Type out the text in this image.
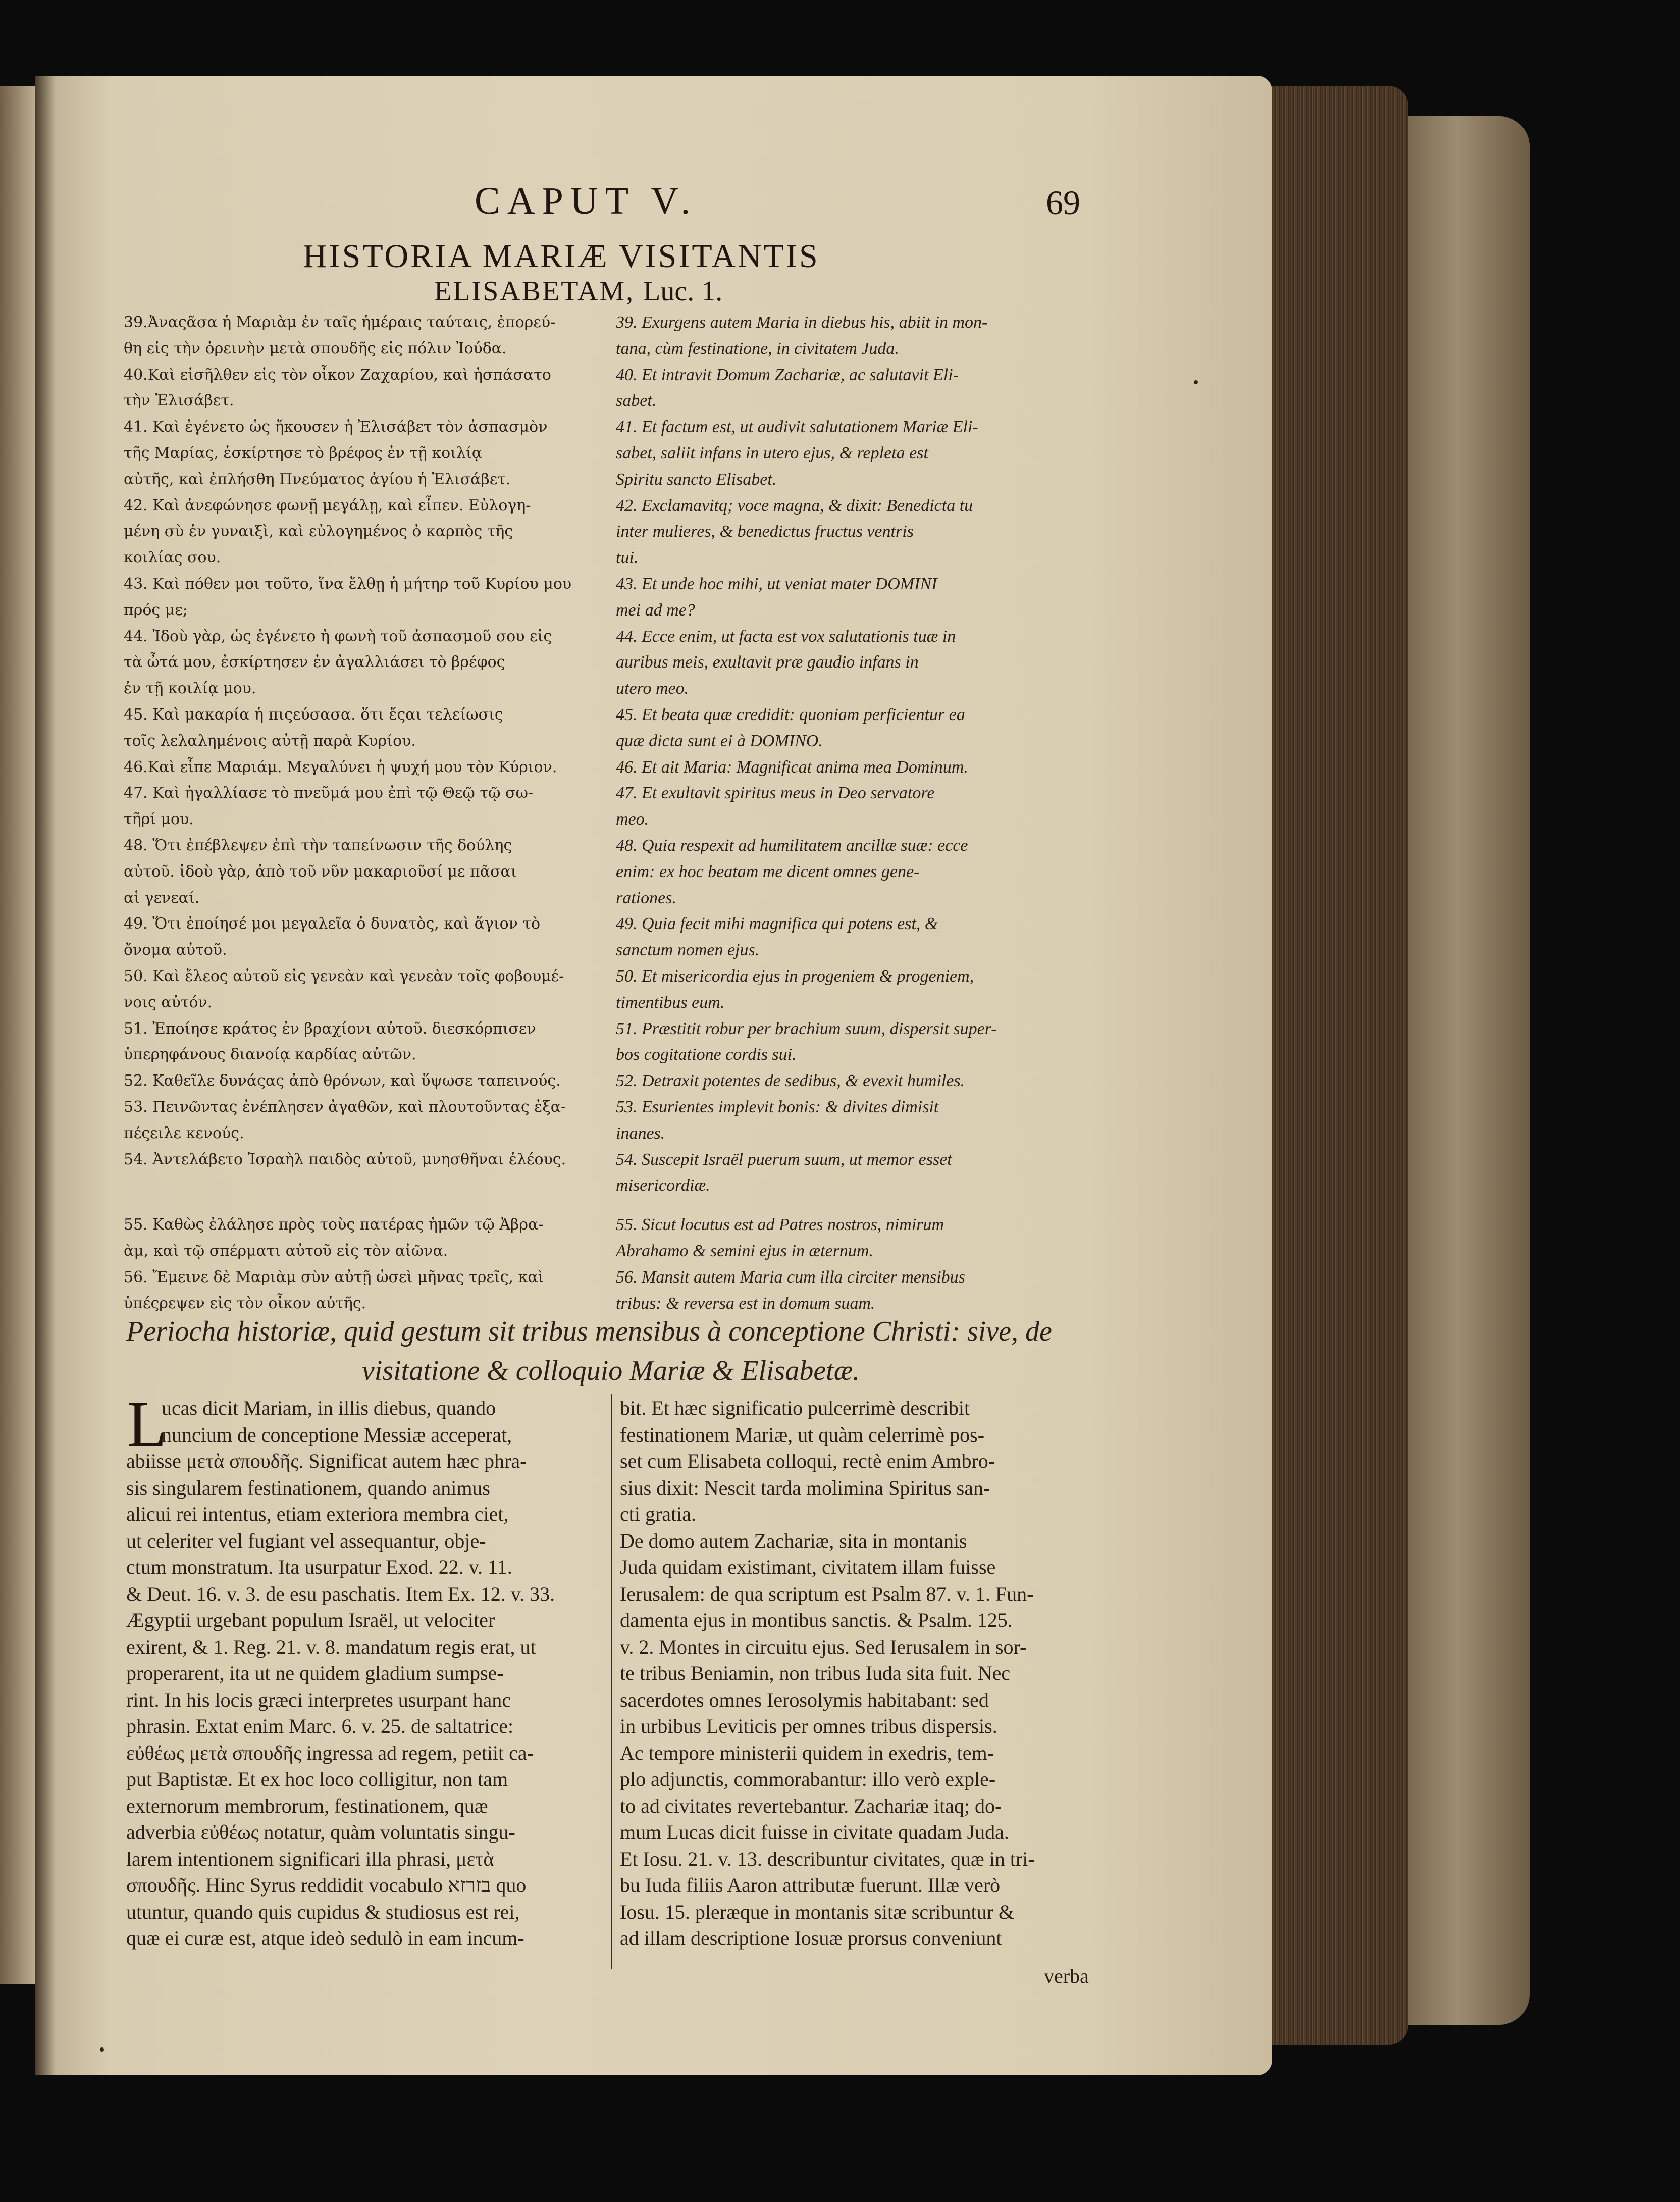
CAPUT V.	69
HISTORIA MARIÆ VISITANTIS
ELISABETAM, Luc. 1.
39.Ἀναςᾶσα ἡ Μαριὰμ ἐν ταῖς ἡμέραις ταύταις, ἐπορεύ-	39. Exurgens autem Maria in diebus his, abiit in mon-
θη εἰς τὴν ὀρεινὴν μετὰ σπουδῆς εἰς πόλιν Ἰούδα.	tana, cùm festinatione, in civitatem Juda.
40.Καὶ εἰσῆλθεν εἰς τὸν οἶκον Ζαχαρίου, καὶ ἠσπάσατο	40. Et intravit Domum Zachariæ, ac salutavit Eli-
τὴν Ἐλισάβετ.	sabet.
41. Καὶ ἐγένετο ὡς ἤκουσεν ἡ Ἐλισάβετ τὸν ἀσπασμὸν	41. Et factum est, ut audivit salutationem Mariæ Eli-
τῆς Μαρίας, ἐσκίρτησε τὸ βρέφος ἐν τῇ κοιλίᾳ	sabet, saliit infans in utero ejus, & repleta est
αὐτῆς, καὶ ἐπλήσθη Πνεύματος ἁγίου ἡ Ἐλισάβετ.	Spiritu sancto Elisabet.
42. Καὶ ἀνεφώνησε φωνῇ μεγάλῃ, καὶ εἶπεν. Εὐλογη-	42. Exclamavitq; voce magna, & dixit: Benedicta tu
μένη σὺ ἐν γυναιξὶ, καὶ εὐλογημένος ὁ καρπὸς τῆς	inter mulieres, & benedictus fructus ventris
κοιλίας σου.	tui.
43. Καὶ πόθεν μοι τοῦτο, ἵνα ἔλθῃ ἡ μήτηρ τοῦ Κυρίου μου	43. Et unde hoc mihi, ut veniat mater DOMINI
πρός με;	mei ad me?
44. Ἰδοὺ γὰρ, ὡς ἐγένετο ἡ φωνὴ τοῦ ἀσπασμοῦ σου εἰς	44. Ecce enim, ut facta est vox salutationis tuæ in
τὰ ὦτά μου, ἐσκίρτησεν ἐν ἀγαλλιάσει τὸ βρέφος	auribus meis, exultavit præ gaudio infans in
ἐν τῇ κοιλίᾳ μου.	utero meo.
45. Καὶ μακαρία ἡ πιςεύσασα. ὅτι ἔςαι τελείωσις	45. Et beata quæ credidit: quoniam perficientur ea
τοῖς λελαλημένοις αὐτῇ παρὰ Κυρίου.	quæ dicta sunt ei à DOMINO.
46.Καὶ εἶπε Μαριάμ. Μεγαλύνει ἡ ψυχή μου τὸν Κύριον.	46. Et ait Maria: Magnificat anima mea Dominum.
47. Καὶ ἠγαλλίασε τὸ πνεῦμά μου ἐπὶ τῷ Θεῷ τῷ σω-	47. Et exultavit spiritus meus in Deo servatore
τῆρί μου.	meo.
48. Ὅτι ἐπέβλεψεν ἐπὶ τὴν ταπείνωσιν τῆς δούλης	48. Quia respexit ad humilitatem ancillæ suæ: ecce
αὐτοῦ. ἰδοὺ γὰρ, ἀπὸ τοῦ νῦν μακαριοῦσί με πᾶσαι	enim: ex hoc beatam me dicent omnes gene-
αἱ γενεαί.	rationes.
49. Ὅτι ἐποίησέ μοι μεγαλεῖα ὁ δυνατὸς, καὶ ἅγιον τὸ	49. Quia fecit mihi magnifica qui potens est, &
ὄνομα αὐτοῦ.	sanctum nomen ejus.
50. Καὶ ἔλεος αὐτοῦ εἰς γενεὰν καὶ γενεὰν τοῖς φοβουμέ-	50. Et misericordia ejus in progeniem & progeniem,
νοις αὐτόν.	timentibus eum.
51. Ἐποίησε κράτος ἐν βραχίονι αὐτοῦ. διεσκόρπισεν	51. Præstitit robur per brachium suum, dispersit super-
ὑπερηφάνους διανοίᾳ καρδίας αὐτῶν.	bos cogitatione cordis sui.
52. Καθεῖλε δυνάςας ἀπὸ θρόνων, καὶ ὕψωσε ταπεινούς.	52. Detraxit potentes de sedibus, & evexit humiles.
53. Πεινῶντας ἐνέπλησεν ἀγαθῶν, καὶ πλουτοῦντας ἐξα-	53. Esurientes implevit bonis: & divites dimisit
πέςειλε κενούς.	inanes.
54. Ἀντελάβετο Ἰσραὴλ παιδὸς αὐτοῦ, μνησθῆναι ἐλέους.	54. Suscepit Israël puerum suum, ut memor esset
misericordiæ.
55. Καθὼς ἐλάλησε πρὸς τοὺς πατέρας ἡμῶν τῷ Ἀβρα-	55. Sicut locutus est ad Patres nostros, nimirum
ὰμ, καὶ τῷ σπέρματι αὐτοῦ εἰς τὸν αἰῶνα.	Abrahamo & semini ejus in æternum.
56. Ἔμεινε δὲ Μαριὰμ σὺν αὐτῇ ὡσεὶ μῆνας τρεῖς, καὶ	56. Mansit autem Maria cum illa circiter mensibus
ὑπέςρεψεν εἰς τὸν οἶκον αὐτῆς.	tribus: & reversa est in domum suam.
Periocha historiæ, quid gestum sit tribus mensibus à conceptione Christi: sive, de
visitatione & colloquio Mariæ & Elisabetæ.
L
ucas dicit Mariam, in illis diebus, quando
nuncium de conceptione Messiæ acceperat,
abiisse μετὰ σπουδῆς. Significat autem hæc phra-
sis singularem festinationem, quando animus
alicui rei intentus, etiam exteriora membra ciet,
ut celeriter vel fugiant vel assequantur, obje-
ctum monstratum. Ita usurpatur Exod. 22. v. 11.
& Deut. 16. v. 3. de esu paschatis. Item Ex. 12. v. 33.
Ægyptii urgebant populum Israël, ut velociter
exirent, & 1. Reg. 21. v. 8. mandatum regis erat, ut
properarent, ita ut ne quidem gladium sumpse-
rint. In his locis græci interpretes usurpant hanc
phrasin. Extat enim Marc. 6. v. 25. de saltatrice:
εὐθέως μετὰ σπουδῆς ingressa ad regem, petiit ca-
put Baptistæ. Et ex hoc loco colligitur, non tam
externorum membrorum, festinationem, quæ
adverbia εὐθέως notatur, quàm voluntatis singu-
larem intentionem significari illa phrasi, μετὰ
σπουδῆς. Hinc Syrus reddidit vocabulo בזרזא quo
utuntur, quando quis cupidus & studiosus est rei,
quæ ei curæ est, atque ideò sedulò in eam incum-
bit. Et hæc significatio pulcerrimè describit
festinationem Mariæ, ut quàm celerrimè pos-
set cum Elisabeta colloqui, rectè enim Ambro-
sius dixit: Nescit tarda molimina Spiritus san-
cti gratia.
De domo autem Zachariæ, sita in montanis
Juda quidam existimant, civitatem illam fuisse
Ierusalem: de qua scriptum est Psalm 87. v. 1. Fun-
damenta ejus in montibus sanctis. & Psalm. 125.
v. 2. Montes in circuitu ejus. Sed Ierusalem in sor-
te tribus Beniamin, non tribus Iuda sita fuit. Nec
sacerdotes omnes Ierosolymis habitabant: sed
in urbibus Leviticis per omnes tribus dispersis.
Ac tempore ministerii quidem in exedris, tem-
plo adjunctis, commorabantur: illo verò exple-
to ad civitates revertebantur. Zachariæ itaq; do-
mum Lucas dicit fuisse in civitate quadam Juda.
Et Iosu. 21. v. 13. describuntur civitates, quæ in tri-
bu Iuda filiis Aaron attributæ fuerunt. Illæ verò
Iosu. 15. pleræque in montanis sitæ scribuntur &
ad illam descriptione Iosuæ prorsus conveniunt
verba
